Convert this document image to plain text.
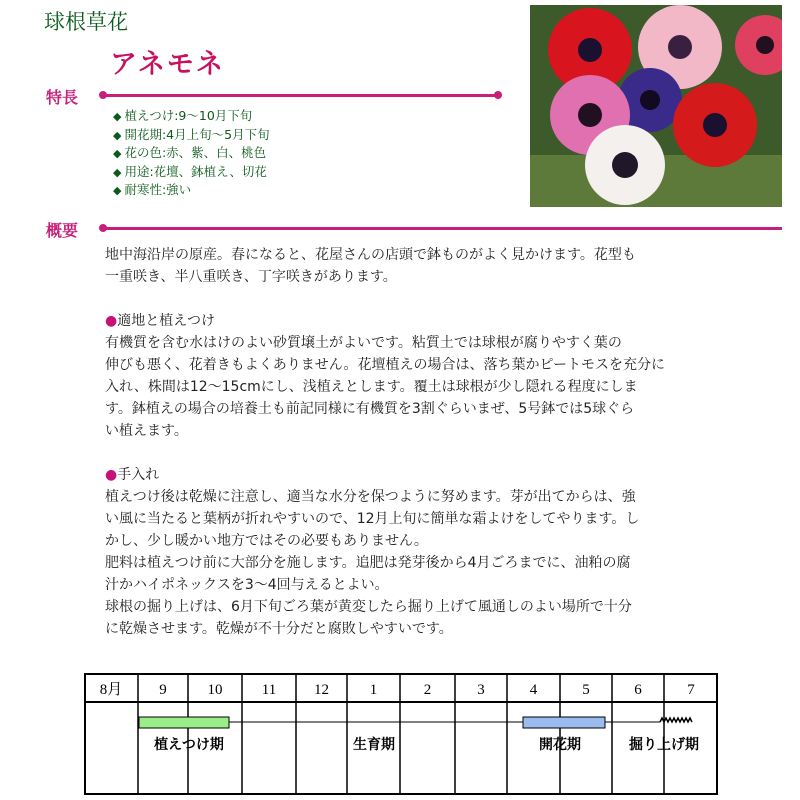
球根草花
アネモネ
特長
◆ 植えつけ:9～10月下旬
◆ 開花期:4月上旬～5月下旬
◆ 花の色:赤、紫、白、桃色
◆ 用途:花壇、鉢植え、切花
◆ 耐寒性:強い
概要
地中海沿岸の原産。春になると、花屋さんの店頭で鉢ものがよく見かけます。花型も
一重咲き、半八重咲き、丁字咲きがあります。
●適地と植えつけ
有機質を含む水はけのよい砂質壌土がよいです。粘質土では球根が腐りやすく葉の
伸びも悪く、花着きもよくありません。花壇植えの場合は、落ち葉かピートモスを充分に
入れ、株間は12～15cmにし、浅植えとします。覆土は球根が少し隠れる程度にしま
す。鉢植えの場合の培養土も前記同様に有機質を3割ぐらいまぜ、5号鉢では5球ぐら
い植えます。
●手入れ
植えつけ後は乾燥に注意し、適当な水分を保つように努めます。芽が出てからは、強
い風に当たると葉柄が折れやすいので、12月上旬に簡単な霜よけをしてやります。し
かし、少し暖かい地方ではその必要もありません。
肥料は植えつけ前に大部分を施します。追肥は発芽後から4月ごろまでに、油粕の腐
汁かハイポネックスを3～4回与えるとよい。
球根の掘り上げは、6月下旬ごろ葉が黄変したら掘り上げて風通しのよい場所で十分
に乾燥させます。乾燥が不十分だと腐敗しやすいです。
8月 9	10	11	12	1	2	3	4	5	6	7
植えつけ期	生育期	開花期	掘り上げ期
